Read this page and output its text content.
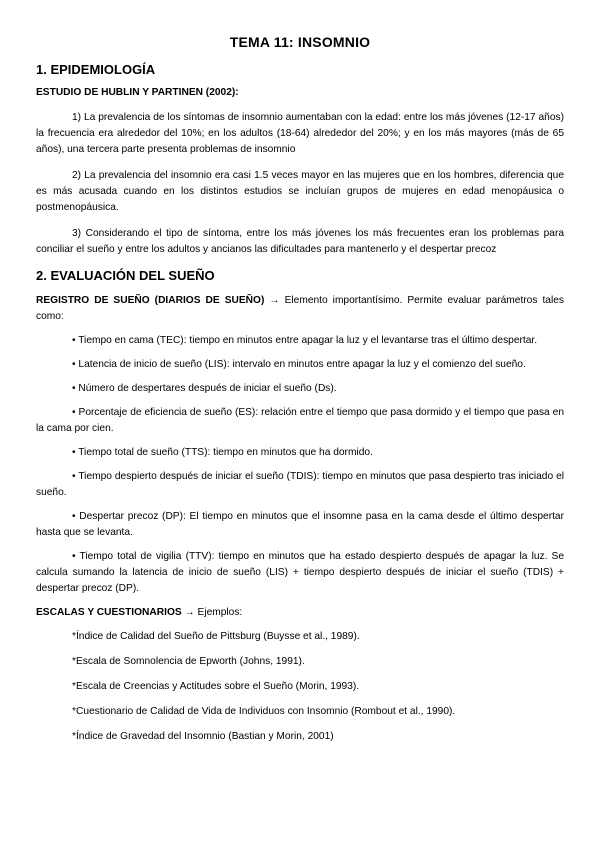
TEMA 11: INSOMNIO
1. EPIDEMIOLOGÍA
ESTUDIO DE HUBLIN Y PARTINEN (2002):

1) La prevalencia de los síntomas de insomnio aumentaban con la edad: entre los más jóvenes (12-17 años) la frecuencia era alrededor del 10%; en los adultos (18-64) alrededor del 20%; y en los más mayores (más de 65 años), una tercera parte presenta problemas de insomnio

2) La prevalencia del insomnio era casi 1.5 veces mayor en las mujeres que en los hombres, diferencia que es más acusada cuando en los distintos estudios se incluían grupos de mujeres en edad menopáusica o postmenopáusica.

3) Considerando el tipo de síntoma, entre los más jóvenes los más frecuentes eran los problemas para conciliar el sueño y entre los adultos y ancianos las dificultades para mantenerlo y el despertar precoz

2. EVALUACIÓN DEL SUEÑO

REGISTRO DE SUEÑO (DIARIOS DE SUEÑO) → Elemento importantísimo. Permite evaluar parámetros tales como:

• Tiempo en cama (TEC): tiempo en minutos entre apagar la luz y el levantarse tras el último despertar.

• Latencia de inicio de sueño (LIS): intervalo en minutos entre apagar la luz y el comienzo del sueño.

• Número de despertares después de iniciar el sueño (Ds).

• Porcentaje de eficiencia de sueño (ES): relación entre el tiempo que pasa dormido y el tiempo que pasa en la cama por cien.

• Tiempo total de sueño (TTS): tiempo en minutos que ha dormido.

• Tiempo despierto después de iniciar el sueño (TDIS): tiempo en minutos que pasa despierto tras iniciado el sueño.

• Despertar precoz (DP): El tiempo en minutos que el insomne pasa en la cama desde el último despertar hasta que se levanta.

• Tiempo total de vigilia (TTV): tiempo en minutos que ha estado despierto después de apagar la luz. Se calcula sumando la latencia de inicio de sueño (LIS) + tiempo despierto después de iniciar el sueño (TDIS) + despertar precoz (DP).

ESCALAS Y CUESTIONARIOS → Ejemplos:

*Índice de Calidad del Sueño de Pittsburg (Buysse et al., 1989).
*Escala de Somnolencia de Epworth (Johns, 1991).
*Escala de Creencias y Actitudes sobre el Sueño (Morin, 1993).
*Cuestionario de Calidad de Vida de Individuos con Insomnio (Rombout et al., 1990).
*Índice de Gravedad del Insomnio (Bastian y Morin, 2001)
